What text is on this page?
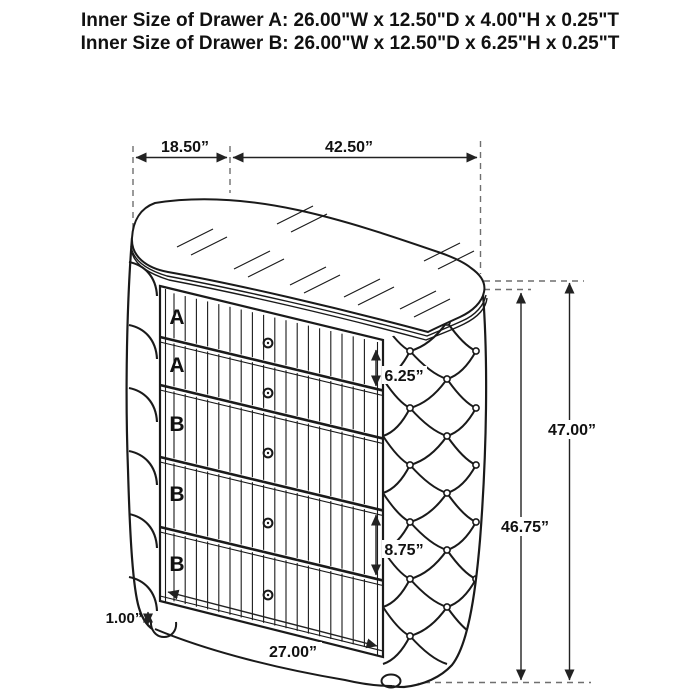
Inner Size of Drawer A: 26.00"W x 12.50"D x 4.00"H x 0.25"T
Inner Size of Drawer B: 26.00"W x 12.50"D x 6.25"H x 0.25"T
A
A
B
B
B
18.50”	42.50”
6.25”
8.75”
47.00”
46.75”
1.00”
27.00”
